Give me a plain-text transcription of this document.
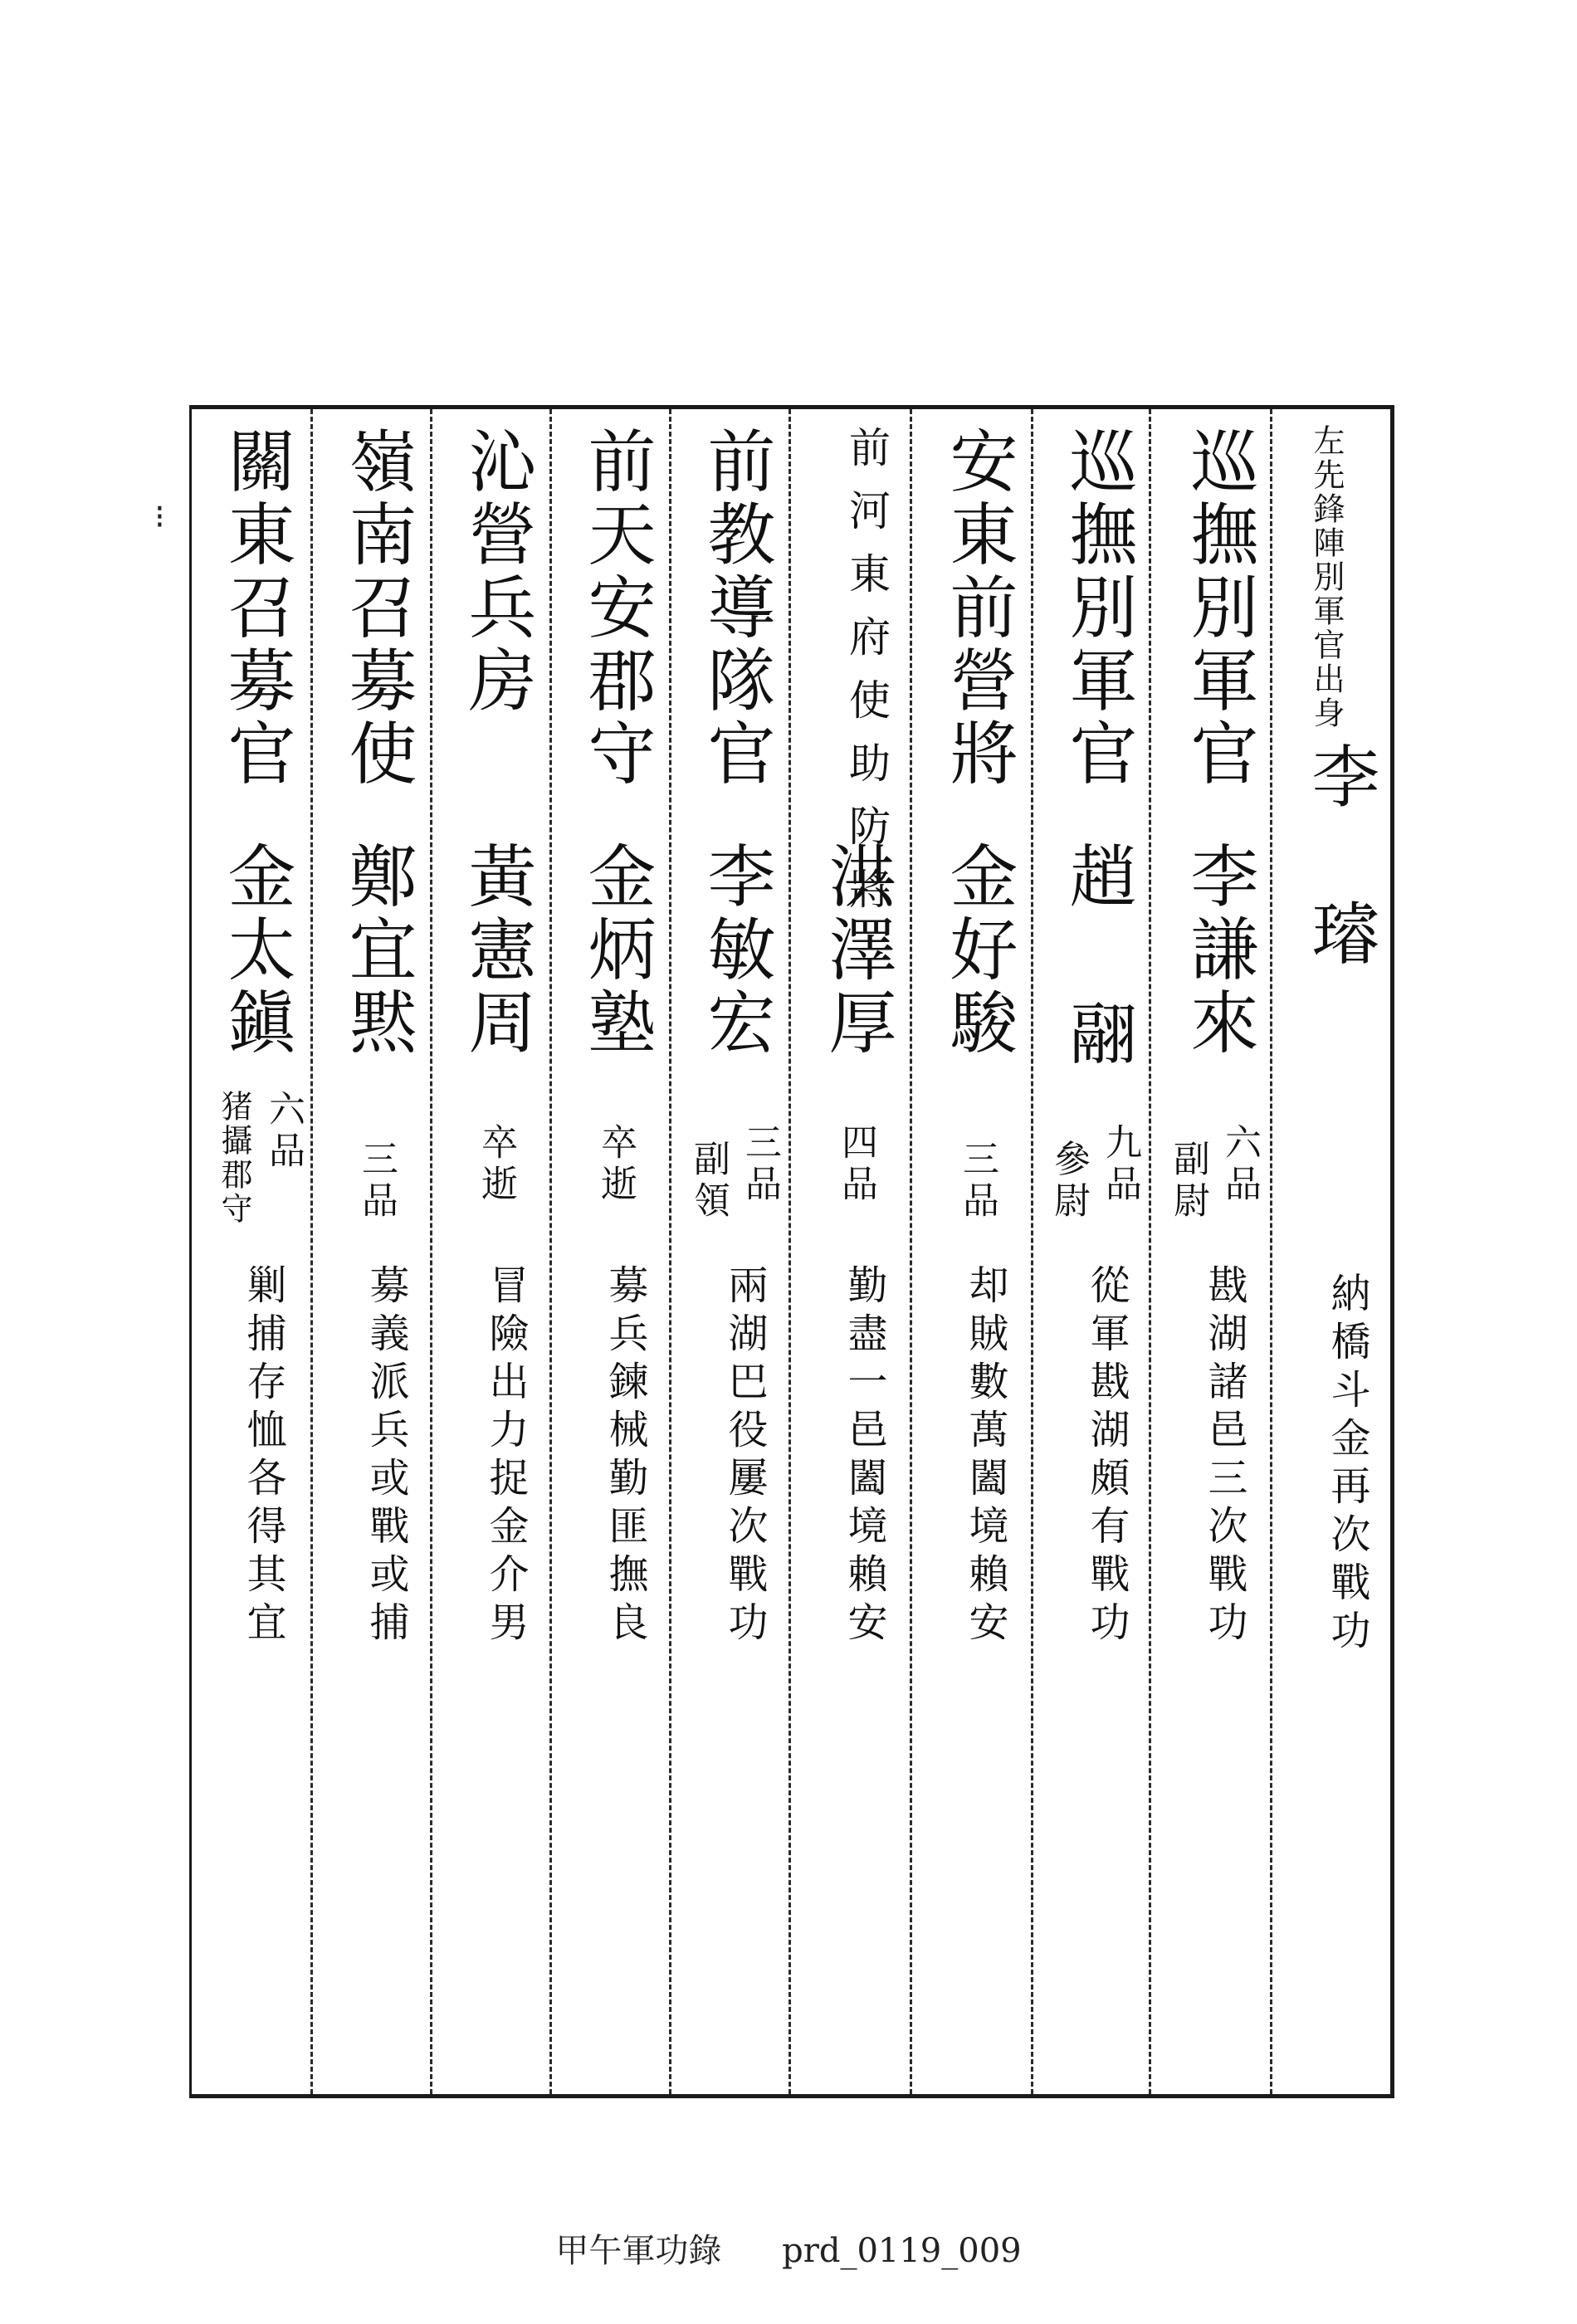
⁝	左先鋒陣別軍官出身
李 璿
納橋斗金再次戰功
巡撫別軍官
李謙來
六品
副尉
戡湖諸邑三次戰功
巡撫別軍官
趙 翮
九品
參尉
從軍戡湖頗有戰功
安東前營將
金好駿
三品
却賊數萬闔境賴安
前河東府使助防將
洪澤厚
四品
勤盡一邑闔境賴安
前教導隊官
李敏宏
三品
副領
兩湖巴役屢次戰功
前天安郡守
金炳塾
卒逝
募兵鍊械勤匪撫良
沁營兵房
黃憲周
卒逝
冒險出力捉金介男
嶺南召募使
鄭宜黙
三品
募義派兵或戰或捕
關東召募官
金太鎭
六品
猪攝郡守
剿捕存恤各得其宜
甲午軍功錄 prd_0119_009
